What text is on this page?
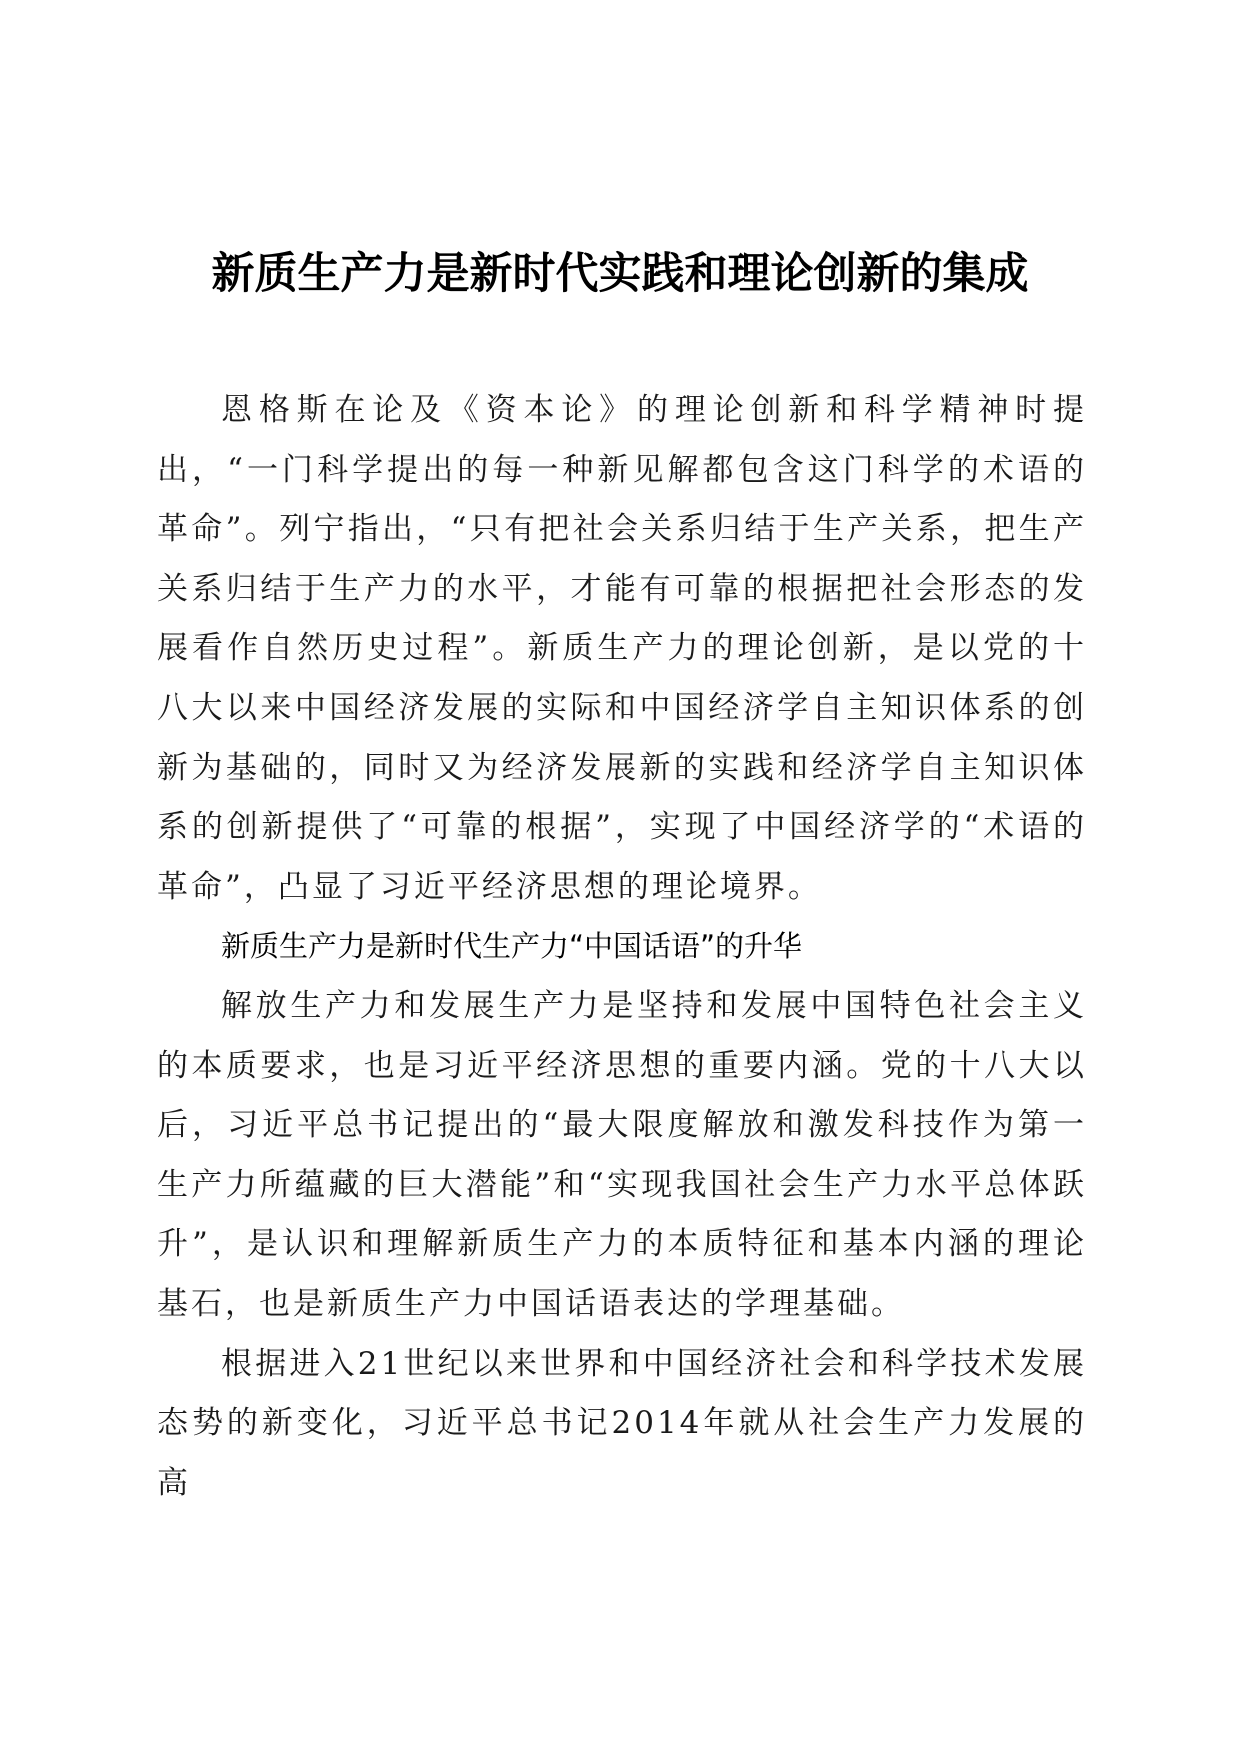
新质生产力是新时代实践和理论创新的集成

恩格斯在论及《资本论》的理论创新和科学精神时提出，“一门科学提出的每一种新见解都包含这门科学的术语的革命”。列宁指出，“只有把社会关系归结于生产关系，把生产关系归结于生产力的水平，才能有可靠的根据把社会形态的发展看作自然历史过程”。新质生产力的理论创新，是以党的十八大以来中国经济发展的实际和中国经济学自主知识体系的创新为基础的，同时又为经济发展新的实践和经济学自主知识体系的创新提供了“可靠的根据”，实现了中国经济学的“术语的革命”，凸显了习近平经济思想的理论境界。

新质生产力是新时代生产力“中国话语”的升华

解放生产力和发展生产力是坚持和发展中国特色社会主义的本质要求，也是习近平经济思想的重要内涵。党的十八大以后，习近平总书记提出的“最大限度解放和激发科技作为第一生产力所蕴藏的巨大潜能”和“实现我国社会生产力水平总体跃升”，是认识和理解新质生产力的本质特征和基本内涵的理论基石，也是新质生产力中国话语表达的学理基础。

根据进入21世纪以来世界和中国经济社会和科学技术发展态势的新变化，习近平总书记2014年就从社会生产力发展的高
